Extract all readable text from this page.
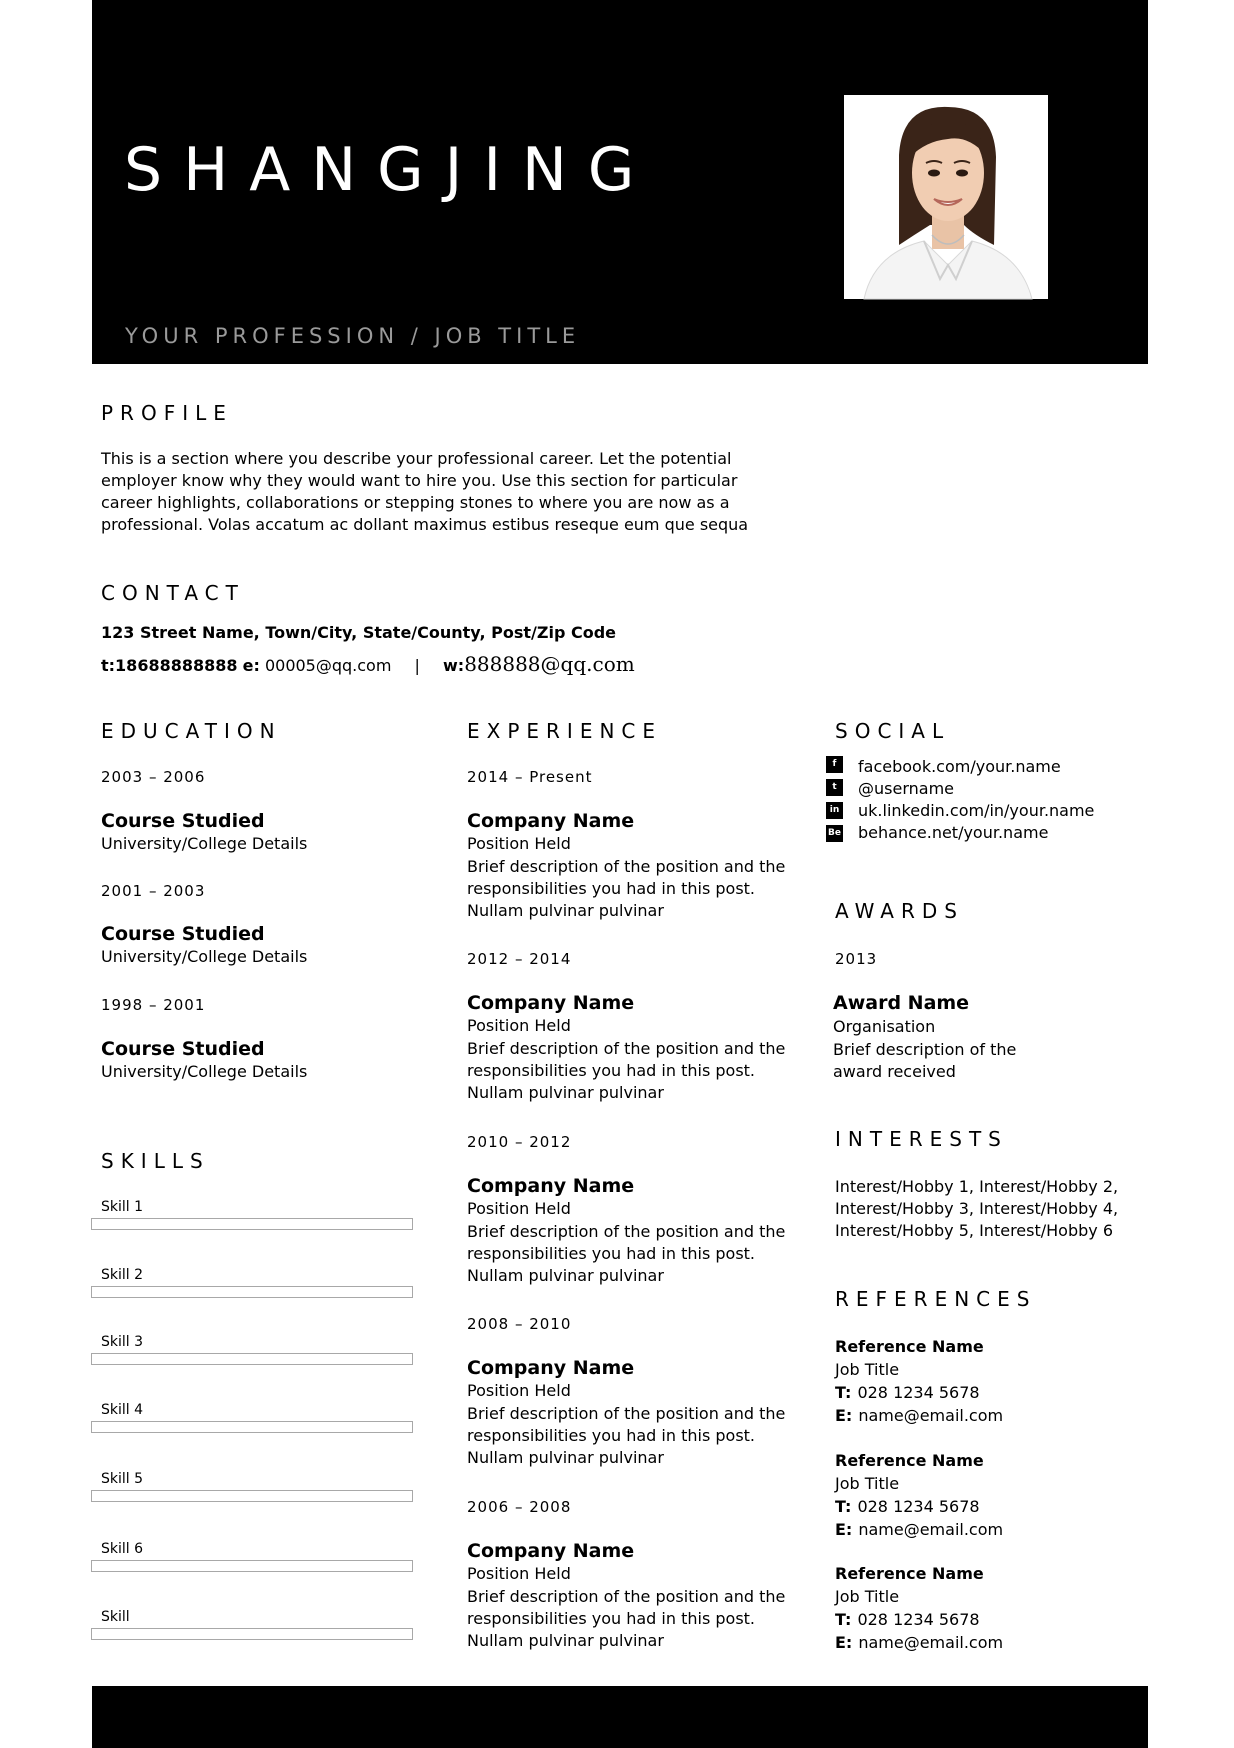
SHANGJING
YOUR PROFESSION / JOB TITLE
PROFILE
This is a section where you describe your professional career. Let the potential employer know why they would want to hire you. Use this section for particular career highlights, collaborations or stepping stones to where you are now as a professional. Volas accatum ac dollant maximus estibus reseque eum que sequa
CONTACT
123 Street Name, Town/City, State/County, Post/Zip Code
t:18688888888 e: 00005@qq.com | w:888888@qq.com
EDUCATION
2003 – 2006
Course Studied
University/College Details
2001 – 2003
Course Studied
University/College Details
1998 – 2001
Course Studied
University/College Details
SKILLS
Skill 1
Skill 2
Skill 3
Skill 4
Skill 5
Skill 6
Skill
EXPERIENCE
2014 – Present
Company Name
Position Held
Brief description of the position and the responsibilities you had in this post. Nullam pulvinar pulvinar
2012 – 2014
Company Name
Position Held
Brief description of the position and the responsibilities you had in this post. Nullam pulvinar pulvinar
2010 – 2012
Company Name
Position Held
Brief description of the position and the responsibilities you had in this post. Nullam pulvinar pulvinar
2008 – 2010
Company Name
Position Held
Brief description of the position and the responsibilities you had in this post. Nullam pulvinar pulvinar
2006 – 2008
Company Name
Position Held
Brief description of the position and the responsibilities you had in this post. Nullam pulvinar pulvinar
SOCIAL
f
t
in
Be
facebook.com/your.name
@username
uk.linkedin.com/in/your.name
behance.net/your.name
AWARDS
2013
Award Name
Organisation
Brief description of the award received
INTERESTS
Interest/Hobby 1, Interest/Hobby 2, Interest/Hobby 3, Interest/Hobby 4, Interest/Hobby 5, Interest/Hobby 6
REFERENCES
Reference Name
Job Title
T: 028 1234 5678
E: name@email.com
Reference Name
Job Title
T: 028 1234 5678
E: name@email.com
Reference Name
Job Title
T: 028 1234 5678
E: name@email.com
